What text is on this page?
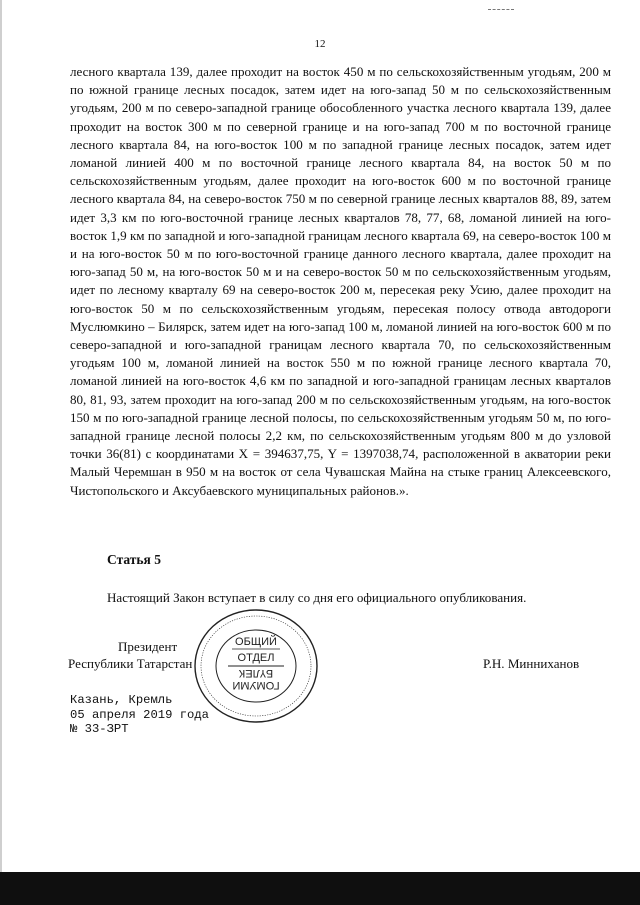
12

лесного квартала 139, далее проходит на восток 450 м по сельскохозяйственным угодьям, 200 м по южной границе лесных посадок, затем идет на юго-запад 50 м по сельскохозяйственным угодьям, 200 м по северо-западной границе обособленного участка лесного квартала 139, далее проходит на восток 300 м по северной границе и на юго-запад 700 м по восточной границе лесного квартала 84, на юго-восток 100 м по западной границе лесных посадок, затем идет ломаной линией 400 м по восточной границе лесного квартала 84, на восток 50 м по сельскохозяйственным угодьям, далее проходит на юго-восток 600 м по восточной границе лесного квартала 84, на северо-восток 750 м по северной границе лесных кварталов 88, 89, затем идет 3,3 км по юго-восточной границе лесных кварталов 78, 77, 68, ломаной линией на юго-восток 1,9 км по западной и юго-западной границам лесного квартала 69, на северо-восток 100 м и на юго-восток 50 м по юго-восточной границе данного лесного квартала, далее проходит на юго-запад 50 м, на юго-восток 50 м и на северо-восток 50 м по сельскохозяйственным угодьям, идет по лесному кварталу 69 на северо-восток 200 м, пересекая реку Усию, далее проходит на юго-восток 50 м по сельскохозяйственным угодьям, пересекая полосу отвода автодороги Муслюмкино – Билярск, затем идет на юго-запад 100 м, ломаной линией на юго-восток 600 м по северо-западной и юго-западной границам лесного квартала 70, по сельскохозяйственным угодьям 100 м, ломаной линией на восток 550 м по южной границе лесного квартала 70, ломаной линией на юго-восток 4,6 км по западной и юго-западной границам лесных кварталов 80, 81, 93, затем проходит на юго-запад 200 м по сельскохозяйственным угодьям, на юго-восток 150 м по юго-западной границе лесной полосы, по сельскохозяйственным угодьям 50 м, по юго-западной границе лесной полосы 2,2 км, по сельскохозяйственным угодьям 800 м до узловой точки 36(81) с координатами X = 394637,75, Y = 1397038,74, расположенной в акватории реки Малый Черемшан в 950 м на восток от села Чувашская Майна на стыке границ Алексеевского, Чистопольского и Аксубаевского муниципальных районов.».

Статья 5

Настоящий Закон вступает в силу со дня его официального опубликования.

Президент
Республики Татарстан	Р.Н. Минниханов
ОБЩИЙ
ОТДЕЛ
БҮЛЕК
ГОМУМИ
Казань, Кремль
05 апреля 2019 года
№ 33-ЗРТ
